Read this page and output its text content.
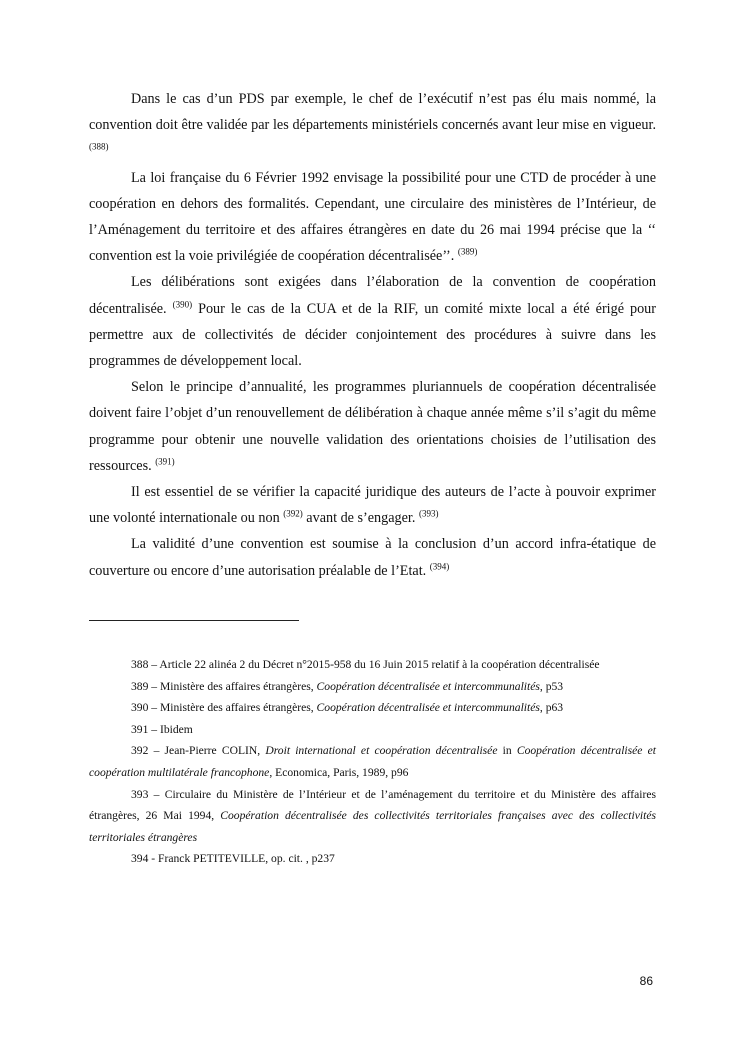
Dans le cas d’un PDS par exemple, le chef de l’exécutif n’est pas élu mais nommé, la convention doit être validée par les départements ministériels concernés avant leur mise en vigueur. $^{(388)}$

La loi française du 6 Février 1992 envisage la possibilité pour une CTD de procéder à une coopération en dehors des formalités. Cependant, une circulaire des ministères de l’Intérieur, de l’Aménagement du territoire et des affaires étrangères en date du 26 mai 1994 précise que la ‘‘ convention est la voie privilégiée de coopération décentralisée’’. $^{(389)}$

Les délibérations sont exigées dans l’élaboration de la convention de coopération décentralisée. $^{(390)}$ Pour le cas de la CUA et de la RIF, un comité mixte local a été érigé pour permettre aux de collectivités de décider conjointement des procédures à suivre dans les programmes de développement local.

Selon le principe d’annualité, les programmes pluriannuels de coopération décentralisée doivent faire l’objet d’un renouvellement de délibération à chaque année même s’il s’agit du même programme pour obtenir une nouvelle validation des orientations choisies de l’utilisation des ressources. $^{(391)}$

Il est essentiel de se vérifier la capacité juridique des auteurs de l’acte à pouvoir exprimer une volonté internationale ou non $^{(392)}$ avant de s’engager. $^{(393)}$

La validité d’une convention est soumise à la conclusion d’un accord infra-étatique de couverture ou encore d’une autorisation préalable de l’Etat. $^{(394)}$

388 – Article 22 alinéa 2 du Décret n°2015-958 du 16 Juin 2015 relatif à la coopération décentralisée

389 – Ministère des affaires étrangères, Coopération décentralisée et intercommunalités, p53

390 – Ministère des affaires étrangères, Coopération décentralisée et intercommunalités, p63

391 – Ibidem

392 – Jean-Pierre COLIN, Droit international et coopération décentralisée in Coopération décentralisée et coopération multilatérale francophone, Economica, Paris, 1989, p96

393 – Circulaire du Ministère de l’Intérieur et de l’aménagement du territoire et du Ministère des affaires étrangères, 26 Mai 1994, Coopération décentralisée des collectivités territoriales françaises avec des collectivités territoriales étrangères

394 - Franck PETITEVILLE, op. cit. , p237

86
